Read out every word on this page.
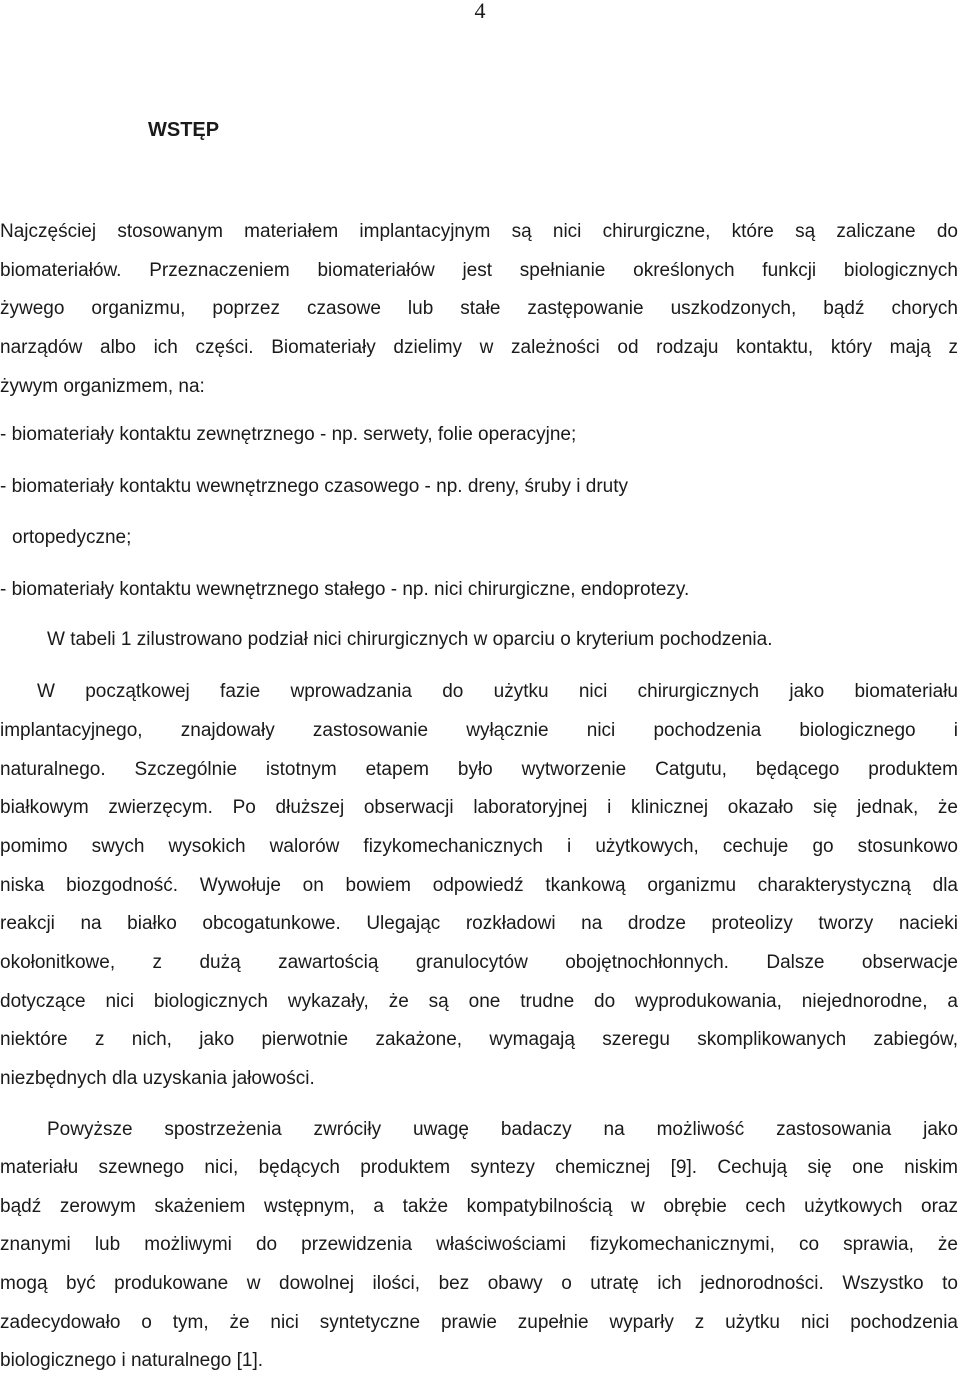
4
WSTĘP
Najczęściej stosowanym materiałem implantacyjnym są nici chirurgiczne, które są zaliczane do
biomateriałów. Przeznaczeniem biomateriałów jest spełnianie określonych funkcji biologicznych
żywego organizmu, poprzez czasowe lub stałe zastępowanie uszkodzonych, bądź chorych
narządów albo ich części. Biomateriały dzielimy w zależności od rodzaju kontaktu, który mają z
żywym organizmem, na:
- biomateriały kontaktu zewnętrznego - np. serwety, folie operacyjne;
- biomateriały kontaktu wewnętrznego czasowego - np. dreny, śruby i druty
ortopedyczne;
- biomateriały kontaktu wewnętrznego stałego - np. nici chirurgiczne, endoprotezy.
W tabeli 1 zilustrowano podział nici chirurgicznych w oparciu o kryterium pochodzenia.
W początkowej fazie wprowadzania do użytku nici chirurgicznych jako biomateriału
implantacyjnego, znajdowały zastosowanie wyłącznie nici pochodzenia biologicznego i
naturalnego. Szczególnie istotnym etapem było wytworzenie Catgutu, będącego produktem
białkowym zwierzęcym. Po dłuższej obserwacji laboratoryjnej i klinicznej okazało się jednak, że
pomimo swych wysokich walorów fizykomechanicznych i użytkowych, cechuje go stosunkowo
niska biozgodność. Wywołuje on bowiem odpowiedź tkankową organizmu charakterystyczną dla
reakcji na białko obcogatunkowe. Ulegając rozkładowi na drodze proteolizy tworzy nacieki
okołonitkowe, z dużą zawartością granulocytów obojętnochłonnych. Dalsze obserwacje
dotyczące nici biologicznych wykazały, że są one trudne do wyprodukowania, niejednorodne, a
niektóre z nich, jako pierwotnie zakażone, wymagają szeregu skomplikowanych zabiegów,
niezbędnych dla uzyskania jałowości.
Powyższe spostrzeżenia zwróciły uwagę badaczy na możliwość zastosowania jako
materiału szewnego nici, będących produktem syntezy chemicznej [9]. Cechują się one niskim
bądź zerowym skażeniem wstępnym, a także kompatybilnością w obrębie cech użytkowych oraz
znanymi lub możliwymi do przewidzenia właściwościami fizykomechanicznymi, co sprawia, że
mogą być produkowane w dowolnej ilości, bez obawy o utratę ich jednorodności. Wszystko to
zadecydowało o tym, że nici syntetyczne prawie zupełnie wyparły z użytku nici pochodzenia
biologicznego i naturalnego [1].
